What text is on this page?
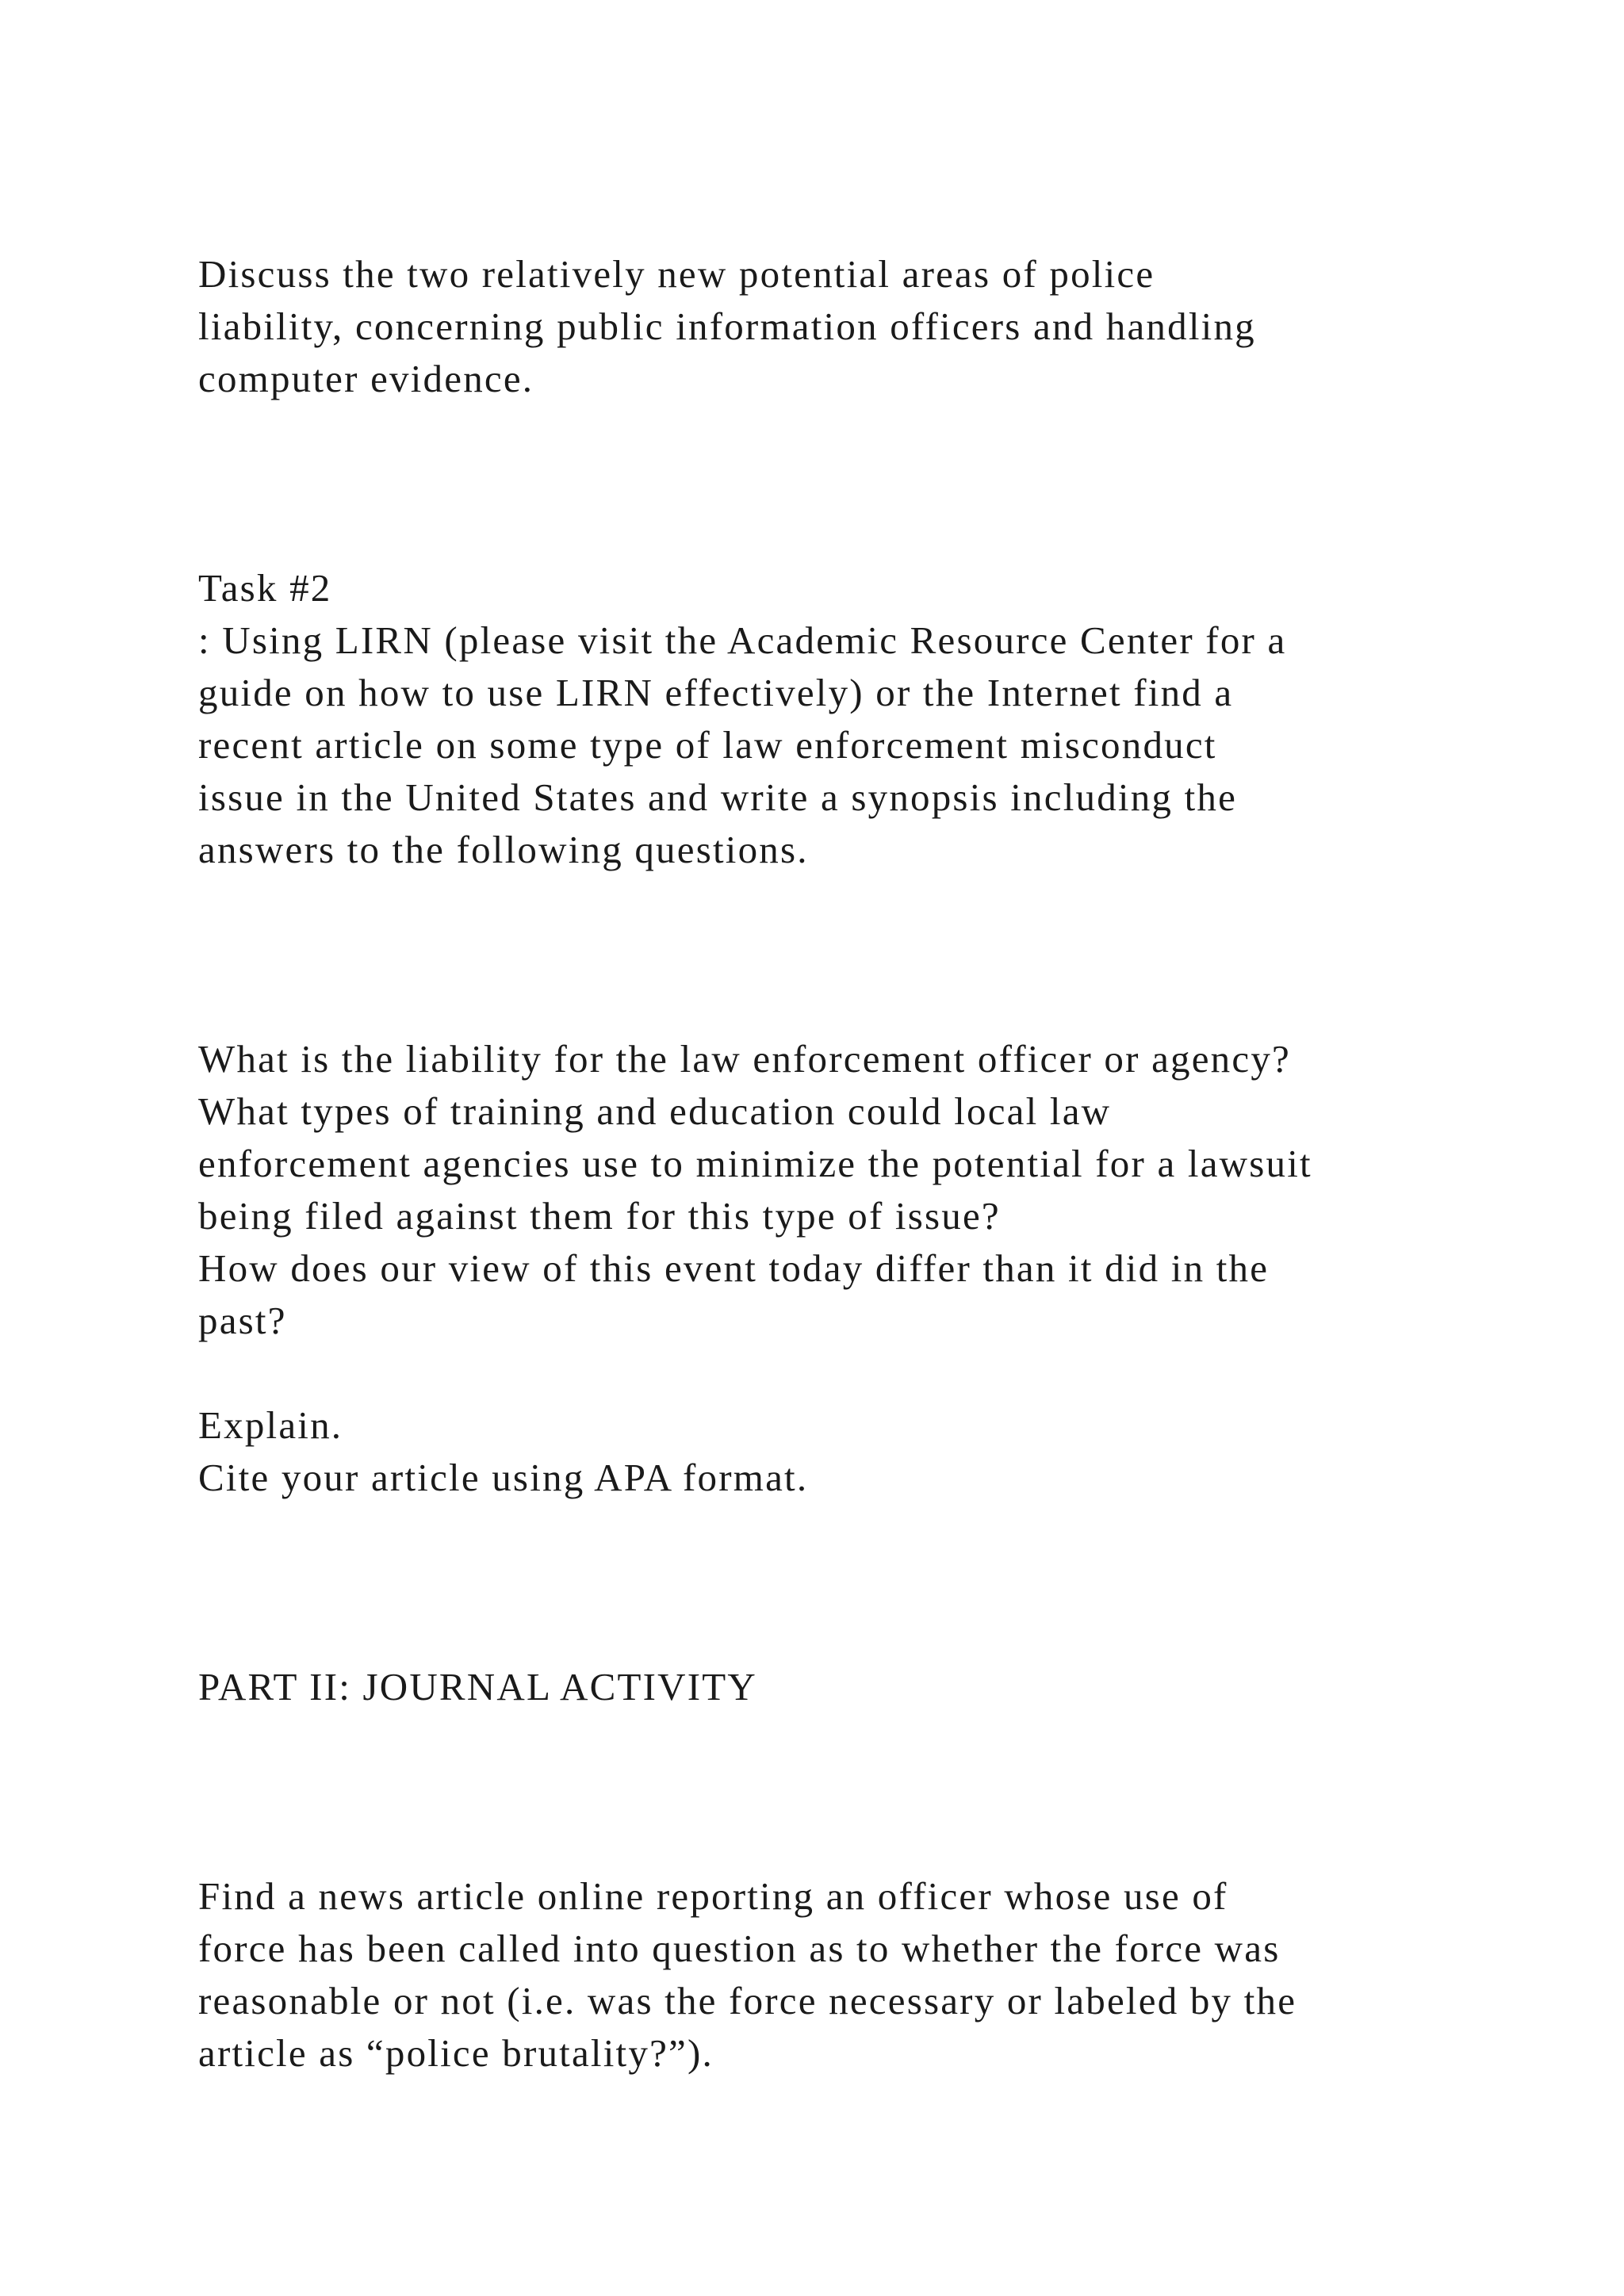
Discuss the two relatively new potential areas of police

liability, concerning public information officers and handling

computer evidence.

Task #2

: Using LIRN (please visit the Academic Resource Center for a

guide on how to use LIRN effectively) or the Internet find a

recent article on some type of law enforcement misconduct

issue in the United States and write a synopsis including the

answers to the following questions.

What is the liability for the law enforcement officer or agency?

What types of training and education could local law

enforcement agencies use to minimize the potential for a lawsuit

being filed against them for this type of issue?

How does our view of this event today differ than it did in the

past?

Explain.

Cite your article using APA format.

PART II: JOURNAL ACTIVITY

Find a news article online reporting an officer whose use of

force has been called into question as to whether the force was

reasonable or not (i.e. was the force necessary or labeled by the

article as “police brutality?”).
